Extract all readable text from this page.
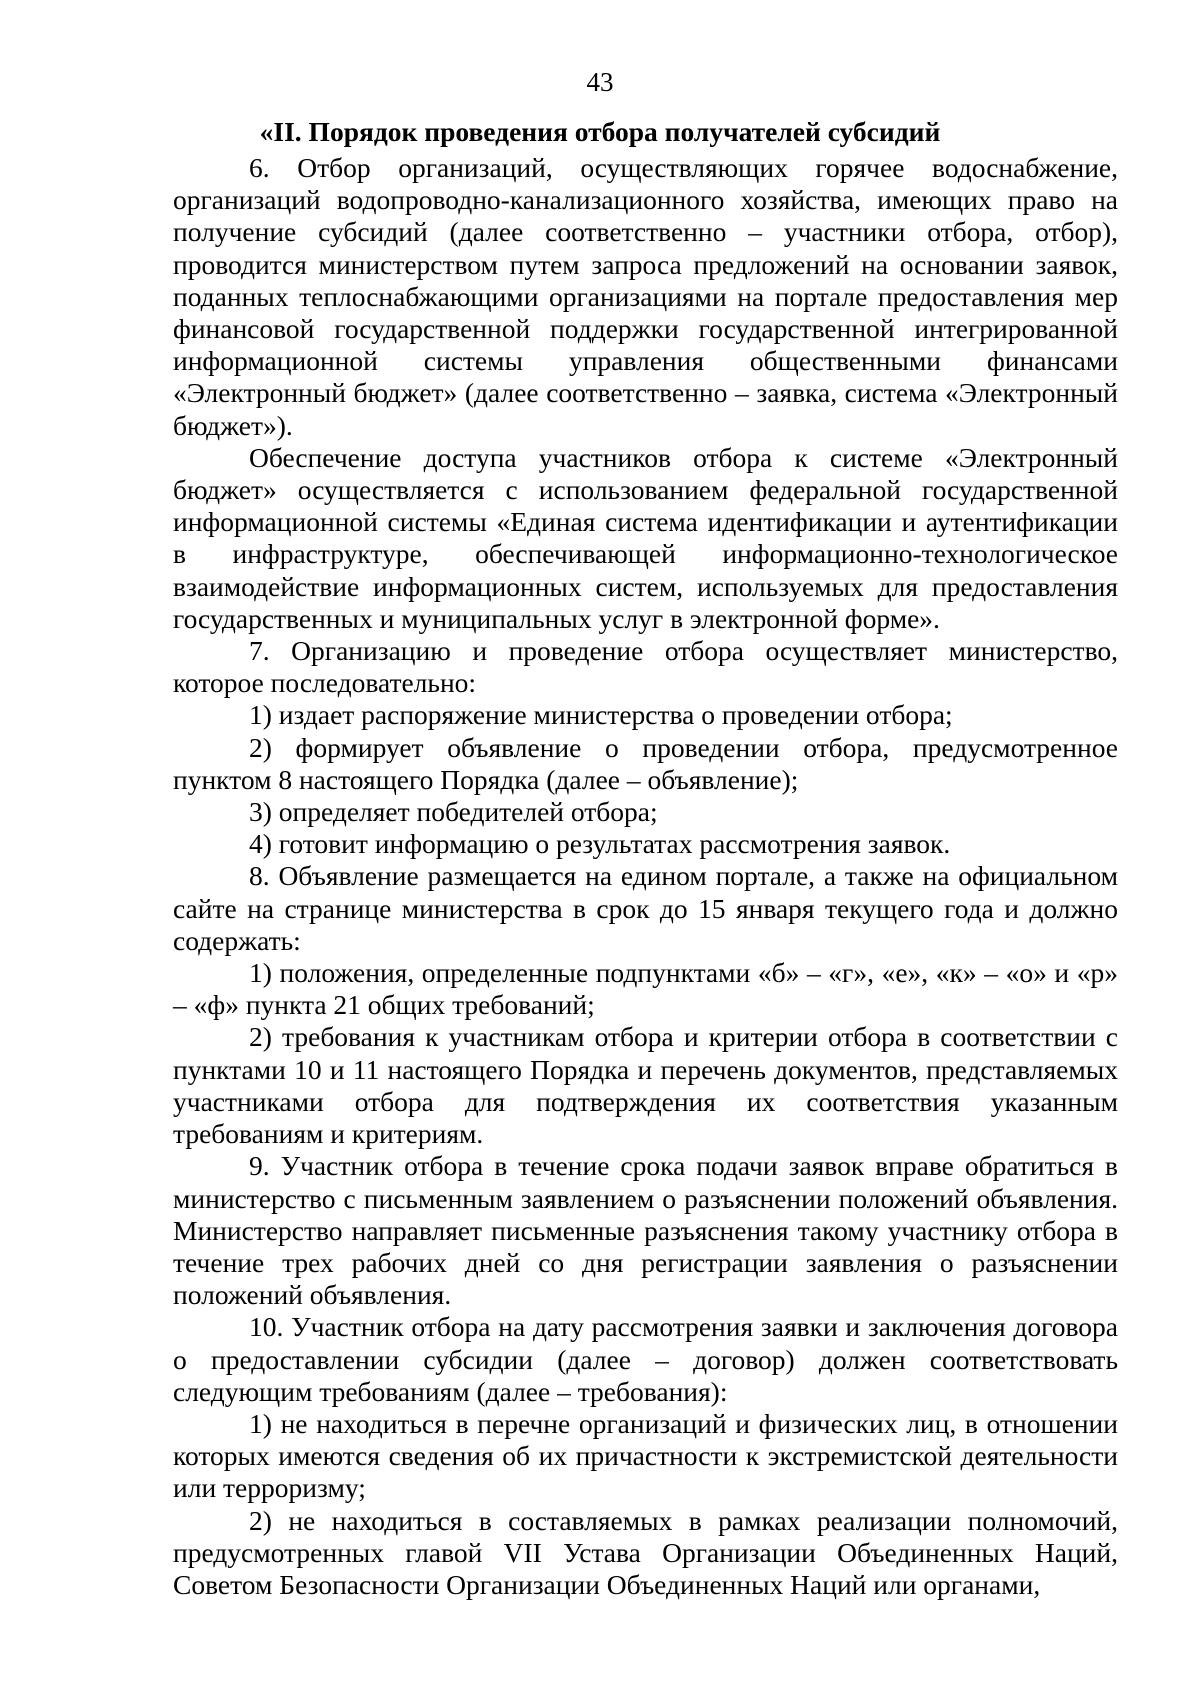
43
«II. Порядок проведения отбора получателей субсидий

6. Отбор организаций, осуществляющих горячее водоснабжение, организаций водопроводно-канализационного хозяйства, имеющих право на получение субсидий (далее соответственно – участники отбора, отбор), проводится министерством путем запроса предложений на основании заявок, поданных теплоснабжающими организациями на портале предоставления мер финансовой государственной поддержки государственной интегрированной информационной системы управления общественными финансами «Электронный бюджет» (далее соответственно – заявка, система «Электронный бюджет»).

Обеспечение доступа участников отбора к системе «Электронный бюджет» осуществляется с использованием федеральной государственной информационной системы «Единая система идентификации и аутентификации в инфраструктуре, обеспечивающей информационно-технологическое взаимодействие информационных систем, используемых для предоставления государственных и муниципальных услуг в электронной форме».

7. Организацию и проведение отбора осуществляет министерство, которое последовательно:

1) издает распоряжение министерства о проведении отбора;

2) формирует объявление о проведении отбора, предусмотренное пунктом 8 настоящего Порядка (далее – объявление);

3) определяет победителей отбора;

4) готовит информацию о результатах рассмотрения заявок.

8. Объявление размещается на едином портале, а также на официальном сайте на странице министерства в срок до 15 января текущего года и должно содержать:

1) положения, определенные подпунктами «б» – «г», «е», «к» – «о» и «р» – «ф» пункта 21 общих требований;

2) требования к участникам отбора и критерии отбора в соответствии с пунктами 10 и 11 настоящего Порядка и перечень документов, представляемых участниками отбора для подтверждения их соответствия указанным требованиям и критериям.

9. Участник отбора в течение срока подачи заявок вправе обратиться в министерство с письменным заявлением о разъяснении положений объявления. Министерство направляет письменные разъяснения такому участнику отбора в течение трех рабочих дней со дня регистрации заявления о разъяснении положений объявления.

10. Участник отбора на дату рассмотрения заявки и заключения договора о предоставлении субсидии (далее – договор) должен соответствовать следующим требованиям (далее – требования):

1) не находиться в перечне организаций и физических лиц, в отношении которых имеются сведения об их причастности к экстремистской деятельности или терроризму;

2) не находиться в составляемых в рамках реализации полномочий, предусмотренных главой VII Устава Организации Объединенных Наций, Советом Безопасности Организации Объединенных Наций или органами,
